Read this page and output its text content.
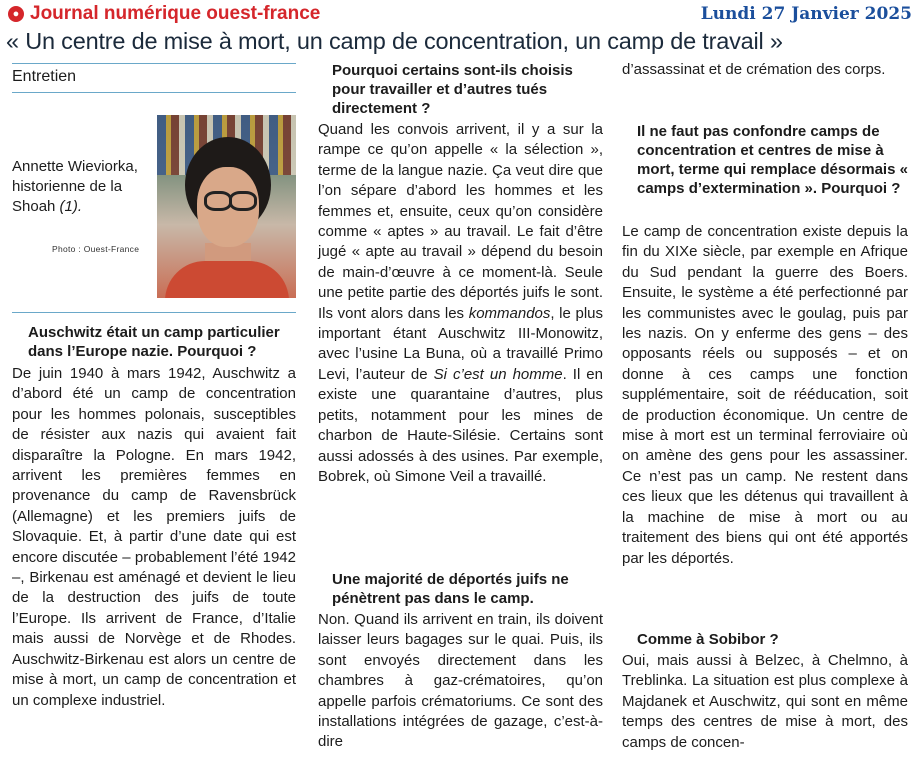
● Journal numérique ouest-france	Lundi 27 Janvier 2025
« Un centre de mise à mort, un camp de concentration, un camp de travail »
Entretien
Annette Wieviorka,
historienne de la Shoah (1).
Photo : Ouest-France
Auschwitz était un camp particulier dans l’Europe nazie. Pourquoi ?
De juin 1940 à mars 1942, Auschwitz a d’abord été un camp de concentration pour les hommes polonais, susceptibles de résister aux nazis qui avaient fait disparaître la Pologne. En mars 1942, arrivent les premières femmes en provenance du camp de Ravensbrück (Allemagne) et les premiers juifs de Slovaquie. Et, à partir d’une date qui est encore discutée – probablement l’été 1942 –, Birkenau est aménagé et devient le lieu de la destruction des juifs de toute l’Europe. Ils arrivent de France, d’Italie mais aussi de Norvège et de Rhodes. Auschwitz-Birkenau est alors un centre de mise à mort, un camp de concentration et un complexe industriel.
Pourquoi certains sont-ils choisis pour travailler et d’autres tués directement ?
Quand les convois arrivent, il y a sur la rampe ce qu’on appelle « la sélection », terme de la langue nazie. Ça veut dire que l’on sépare d’abord les hommes et les femmes et, ensuite, ceux qu’on considère comme « aptes » au travail. Le fait d’être jugé « apte au travail » dépend du besoin de main-d’œuvre à ce moment-là. Seule une petite partie des déportés juifs le sont. Ils vont alors dans les kommandos, le plus important étant Auschwitz III-Monowitz, avec l’usine La Buna, où a travaillé Primo Levi, l’auteur de Si c’est un homme. Il en existe une quarantaine d’autres, plus petits, notamment pour les mines de charbon de Haute-Silésie. Certains sont aussi adossés à des usines. Par exemple, Bobrek, où Simone Veil a travaillé.
Une majorité de déportés juifs ne pénètrent pas dans le camp.
Non. Quand ils arrivent en train, ils doivent laisser leurs bagages sur le quai. Puis, ils sont envoyés directement dans les chambres à gaz-crématoires, qu’on appelle parfois crématoriums. Ce sont des installations intégrées de gazage, c’est-à-dire
d’assassinat et de crémation des corps.
Il ne faut pas confondre camps de concentration et centres de mise à mort, terme qui remplace désormais « camps d’extermination ». Pourquoi ?
Le camp de concentration existe depuis la fin du XIXe siècle, par exemple en Afrique du Sud pendant la guerre des Boers. Ensuite, le système a été perfectionné par les communistes avec le goulag, puis par les nazis. On y enferme des gens – des opposants réels ou supposés – et on donne à ces camps une fonction supplémentaire, soit de rééducation, soit de production économique. Un centre de mise à mort est un terminal ferroviaire où on amène des gens pour les assassiner. Ce n’est pas un camp. Ne restent dans ces lieux que les détenus qui travaillent à la machine de mise à mort ou au traitement des biens qui ont été apportés par les déportés.
Comme à Sobibor ?
Oui, mais aussi à Belzec, à Chelmno, à Treblinka. La situation est plus complexe à Majdanek et Auschwitz, qui sont en même temps des centres de mise à mort, des camps de concen-
